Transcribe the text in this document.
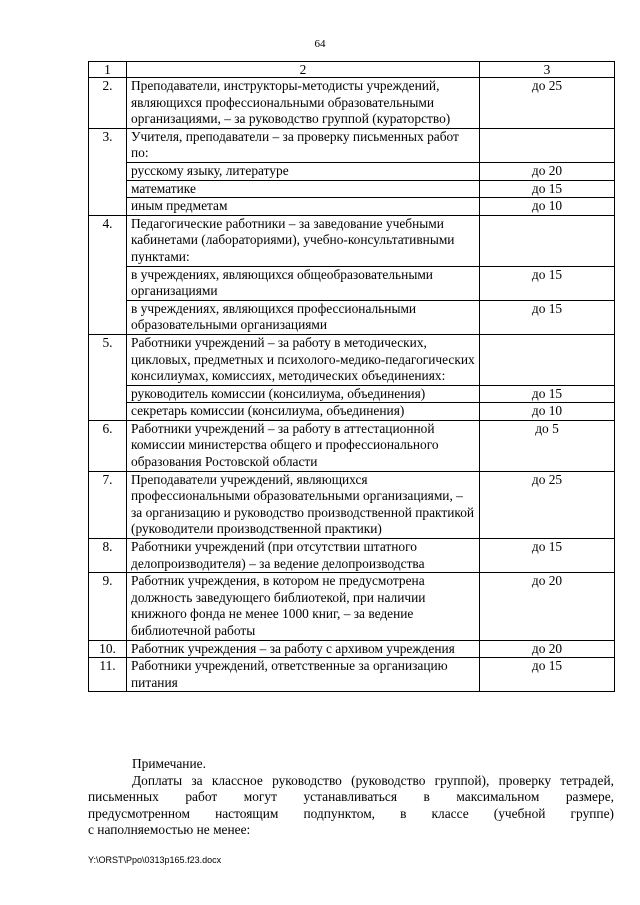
64
1	2	3
2.	Преподаватели, инструкторы-методисты учреждений, являющихся профессиональными образовательными организациями, – за руководство группой (кураторство)	до 25
3.	Учителя, преподаватели – за проверку письменных работ по:	
	русскому языку, литературе	до 20
	математике	до 15
	иным предметам	до 10
4.	Педагогические работники – за заведование учебными кабинетами (лабораториями), учебно-консультативными пунктами:	
	в учреждениях, являющихся общеобразовательными организациями	до 15
	в учреждениях, являющихся профессиональными образовательными организациями	до 15
5.	Работники учреждений – за работу в методических, цикловых, предметных и психолого-медико-педагогических консилиумах, комиссиях, методических объединениях:	
	руководитель комиссии (консилиума, объединения)	до 15
	секретарь комиссии (консилиума, объединения)	до 10
6.	Работники учреждений – за работу в аттестационной комиссии министерства общего и профессионального образования Ростовской области	до 5
7.	Преподаватели учреждений, являющихся профессиональными образовательными организациями, – за организацию и руководство производственной практикой (руководители производственной практики)	до 25
8.	Работники учреждений (при отсутствии штатного делопроизводителя) – за ведение делопроизводства	до 15
9.	Работник учреждения, в котором не предусмотрена должность заведующего библиотекой, при наличии книжного фонда не менее 1000 книг, – за ведение библиотечной работы	до 20
10.	Работник учреждения – за работу с архивом учреждения	до 20
11.	Работники учреждений, ответственные за организацию питания	до 15

Примечание.

Доплаты за классное руководство (руководство группой), проверку тетрадей,

письменных работ могут устанавливаться в максимальном размере,

предусмотренном настоящим подпунктом, в классе (учебной группе)

с наполняемостью не менее:

Y:\ORST\Ppo\0313p165.f23.docx
